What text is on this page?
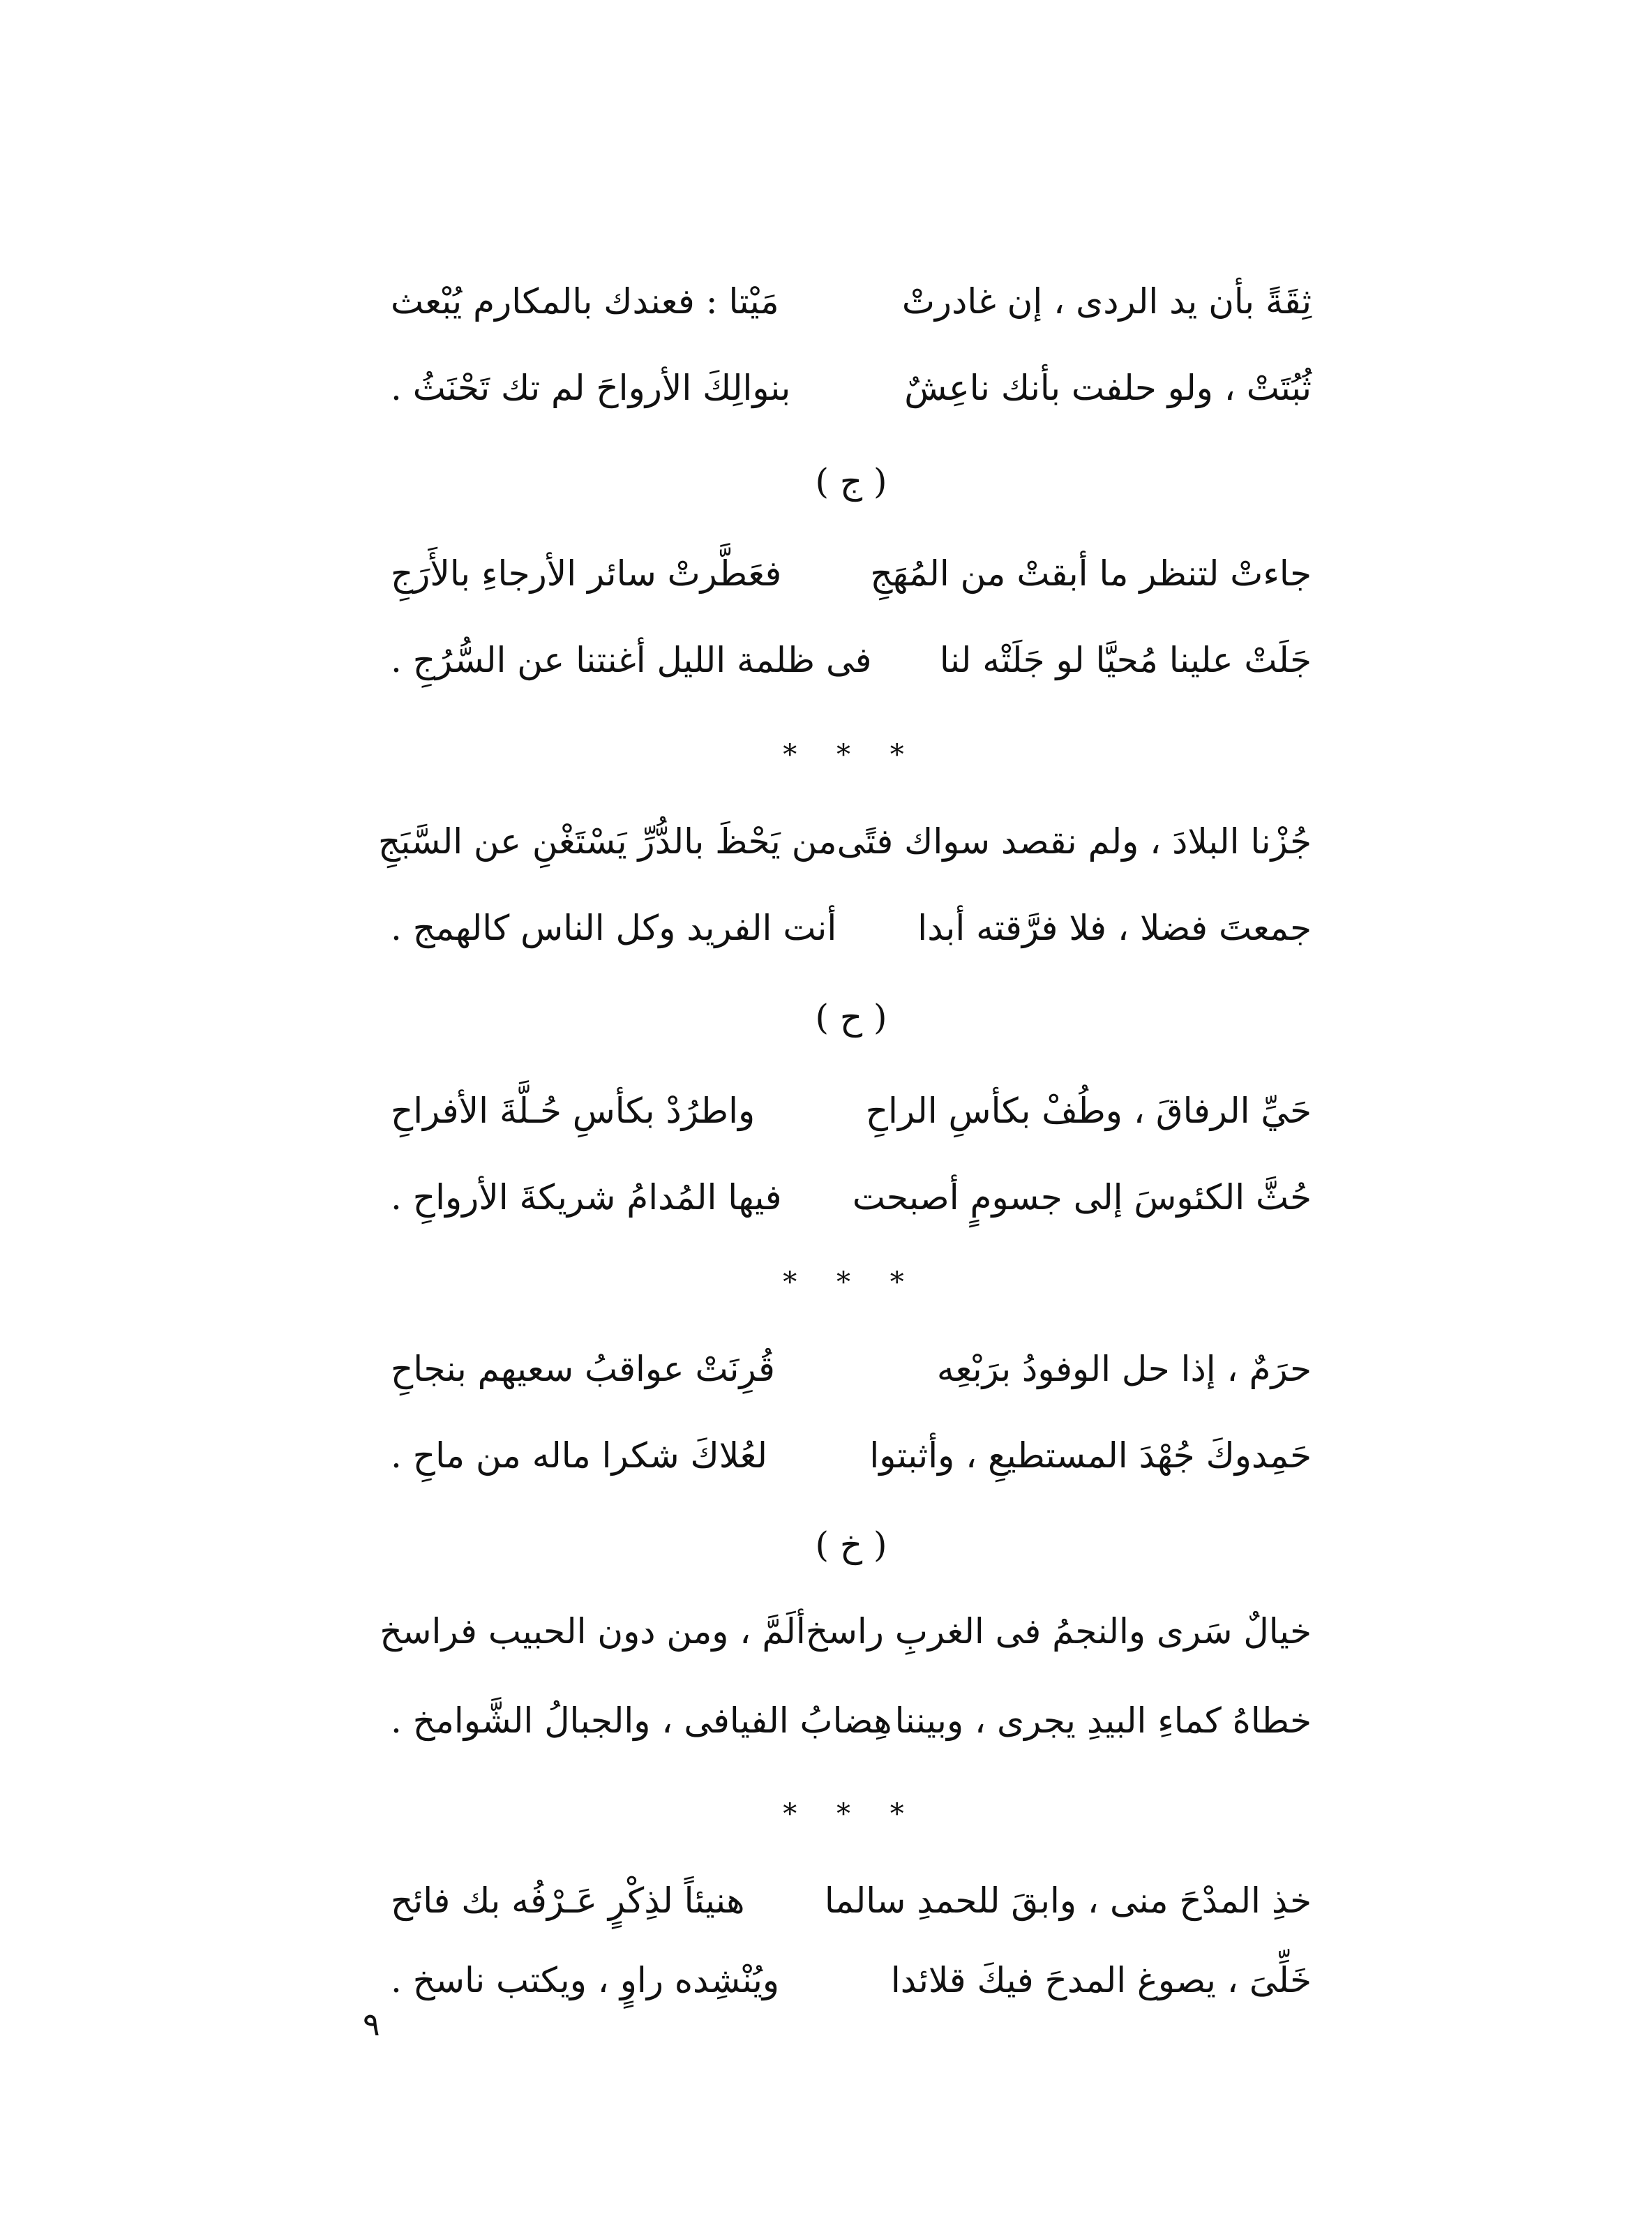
ثِقَةً بأن يد الردى ، إن غادرتْ
مَيْتا : فعندك بالمكارم يُبْعث
ثُبُتَتْ ، ولو حلفت بأنك ناعِشٌ
بنوالِكَ الأرواحَ لم تك تَحْنَثُ .
( ج )
جاءتْ لتنظر ما أبقتْ من المُهَجِ
فعَطَّرتْ سائر الأرجاءِ بالأَرَجِ
جَلَتْ علينا مُحيَّا لو جَلَتْه لنا
فى ظلمة الليل أغنتنا عن السُّرُجِ .
* * *
جُزْنا البلادَ ، ولم نقصد سواك فتًى
من يَحْظَ بالدُّرِّ يَسْتَغْنِ عن السَّبَجِ
جمعتَ فضلا ، فلا فرَّقته أبدا
أنت الفريد وكل الناس كالهمج .
( ح )
حَيِّ الرفاقَ ، وطُفْ بكأسِ الراحِ
واطرُدْ بكأسِ حُـلَّةَ الأفراحِ
حُثَّ الكئوسَ إلى جسومٍ أصبحت
فيها المُدامُ شريكةَ الأرواحِ .
* * *
حرَمٌ ، إذا حل الوفودُ برَبْعِه
قُرِنَتْ عواقبُ سعيهم بنجاحِ
حَمِدوكَ جُهْدَ المستطيعِ ، وأثبتوا
لعُلاكَ شكرا ماله من ماحِ .
( خ )
خيالٌ سَرى والنجمُ فى الغربِ راسخ
ألَمَّ ، ومن دون الحبيب فراسخ
خطاهُ كماءِ البيدِ يجرى ، وبيننا
هِضابُ الفيافى ، والجبالُ الشَّوامخ .
* * *
خذِ المدْحَ منى ، وابقَ للحمدِ سالما
هنيئاً لذِكْرٍ عَـرْفُه بك فائح
خَلِّىَ ، يصوغ المدحَ فيكَ قلائدا
ويُنْشِده راوٍ ، ويكتب ناسخ .
٩
